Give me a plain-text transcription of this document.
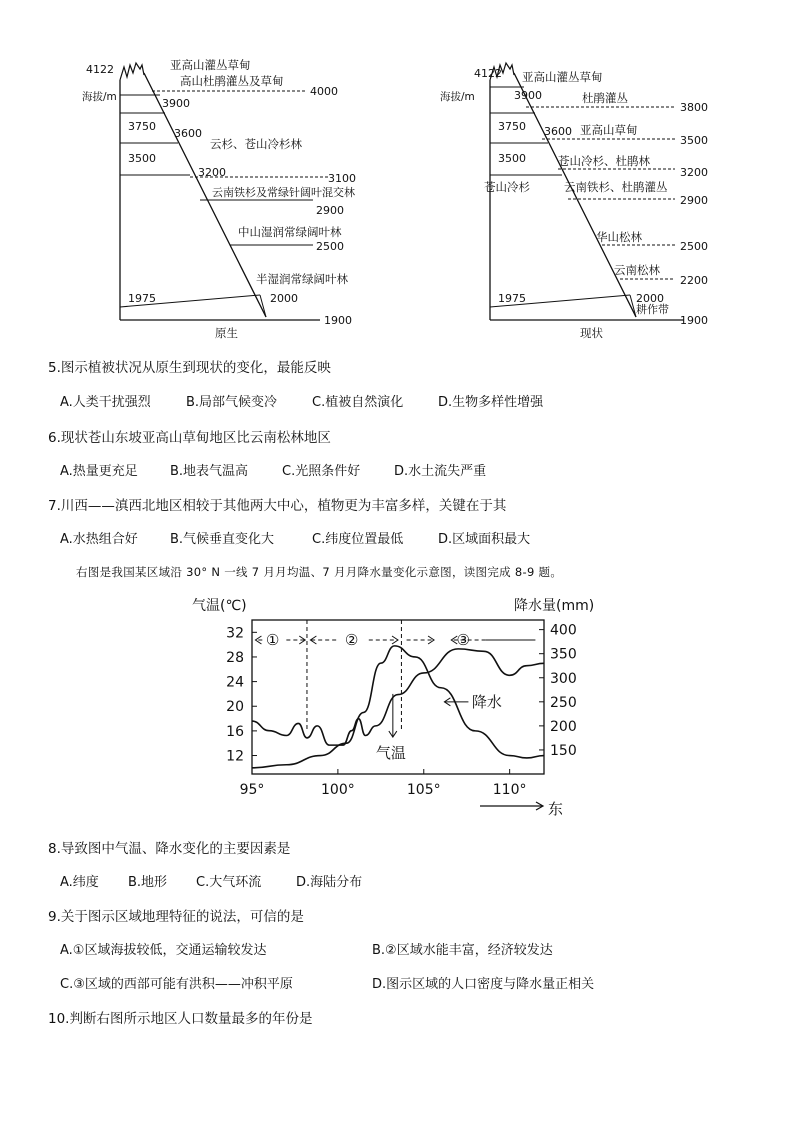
4122
海拔/m
亚高山灌丛草甸
高山杜鹃灌丛及草甸
云杉、苍山冷杉林
云南铁杉及常绿针阔叶混交林
中山湿润常绿阔叶林
半湿润常绿阔叶林
3750
3500
1975
3900
3600
3200
2000
4000
3100
2900
2500
1900
原生
4122
海拔/m
亚高山灌丛草甸
杜鹃灌丛
亚高山草甸
苍山冷杉、杜鹃林
苍山冷杉	云南铁杉、杜鹃灌丛
华山松林
云南松林
耕作带
3900
3750
3500
1975
3600
2000
3800
3500
3200
2900
2500
2200
1900
现状
5.图示植被状况从原生到现状的变化，最能反映
A.人类干扰强烈	B.局部气候变冷	C.植被自然演化	D.生物多样性增强
6.现状苍山东坡亚高山草甸地区比云南松林地区
A.热量更充足 B.地表气温高	C.光照条件好	D.水土流失严重
7.川西——滇西北地区相较于其他两大中心，植物更为丰富多样，关键在于其
A.水热组合好 B.气候垂直变化大	C.纬度位置最低	D.区域面积最大
右图是我国某区域沿 30° N 一线 7 月月均温、7 月月降水量变化示意图，读图完成 8-9 题。
气温(℃)	降水量(mm)
东
12
16
20
24
28
32
150
200
250
300
350
400
95°	100°	105°	110°
①	②	③
气温
降水
8.导致图中气温、降水变化的主要因素是
A.纬度 B.地形 C.大气环流	D.海陆分布
9.关于图示区域地理特征的说法，可信的是
A.①区域海拔较低，交通运输较发达	B.②区域水能丰富，经济较发达
C.③区域的西部可能有洪积——冲积平原	D.图示区域的人口密度与降水量正相关
10.判断右图所示地区人口数量最多的年份是
